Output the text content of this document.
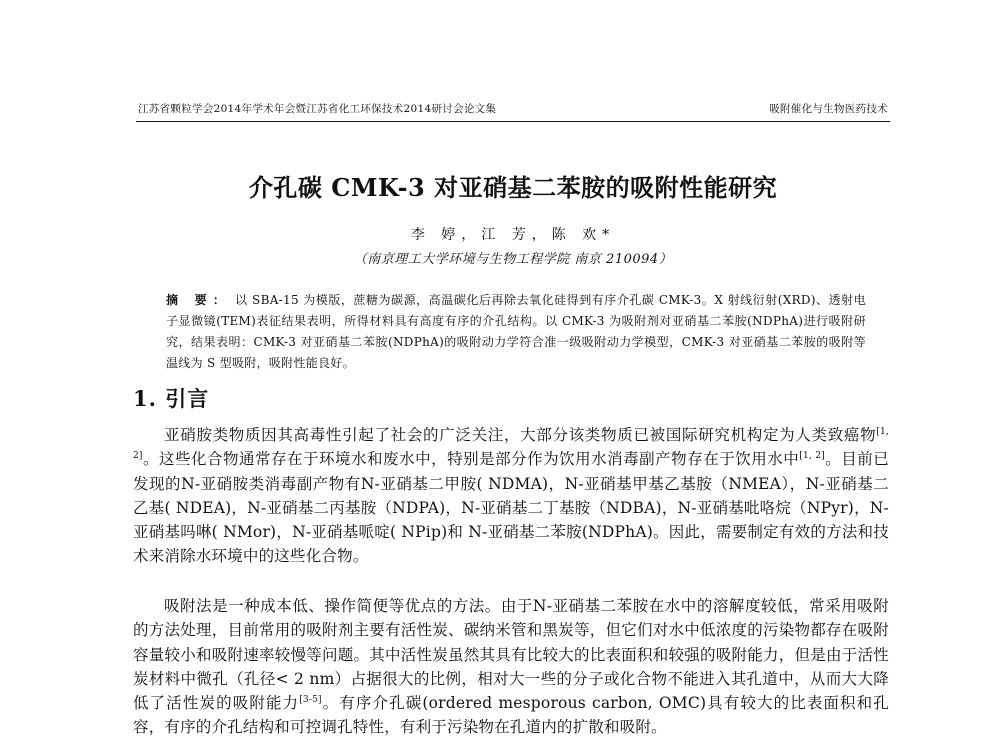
江苏省颗粒学会2014年学术年会暨江苏省化工环保技术2014研讨会论文集	吸附催化与生物医药技术
介孔碳 CMK-3 对亚硝基二苯胺的吸附性能研究
李 婷，江 芳，陈 欢*
（南京理工大学环境与生物工程学院 南京 210094）
摘 要： 以 SBA-15 为模版，蔗糖为碳源，高温碳化后再除去氧化硅得到有序介孔碳 CMK-3。X 射线衍射(XRD)、透射电子显微镜(TEM)表征结果表明，所得材料具有高度有序的介孔结构。以 CMK-3 为吸附剂对亚硝基二苯胺(NDPhA)进行吸附研究，结果表明：CMK-3 对亚硝基二苯胺(NDPhA)的吸附动力学符合准一级吸附动力学模型，CMK-3 对亚硝基二苯胺的吸附等温线为 S 型吸附，吸附性能良好。
1. 引言
亚硝胺类物质因其高毒性引起了社会的广泛关注，大部分该类物质已被国际研究机构定为人类致癌物[1, 2]。这些化合物通常存在于环境水和废水中，特别是部分作为饮用水消毒副产物存在于饮用水中[1, 2]。目前已发现的N-亚硝胺类消毒副产物有N-亚硝基二甲胺( NDMA)，N-亚硝基甲基乙基胺（NMEA），N-亚硝基二乙基( NDEA)，N-亚硝基二丙基胺（NDPA)，N-亚硝基二丁基胺（NDBA)，N-亚硝基吡咯烷（NPyr)，N-亚硝基吗啉( NMor)，N-亚硝基哌啶( NPip)和 N-亚硝基二苯胺(NDPhA)。因此，需要制定有效的方法和技术来消除水环境中的这些化合物。
吸附法是一种成本低、操作简便等优点的方法。由于N-亚硝基二苯胺在水中的溶解度较低，常采用吸附的方法处理，目前常用的吸附剂主要有活性炭、碳纳米管和黑炭等，但它们对水中低浓度的污染物都存在吸附容量较小和吸附速率较慢等问题。其中活性炭虽然其具有比较大的比表面积和较强的吸附能力，但是由于活性炭材料中微孔（孔径< 2 nm）占据很大的比例，相对大一些的分子或化合物不能进入其孔道中，从而大大降低了活性炭的吸附能力[3-5]。有序介孔碳(ordered mesporous carbon, OMC)具有较大的比表面积和孔容，有序的介孔结构和可控调孔特性，有利于污染物在孔道内的扩散和吸附。
